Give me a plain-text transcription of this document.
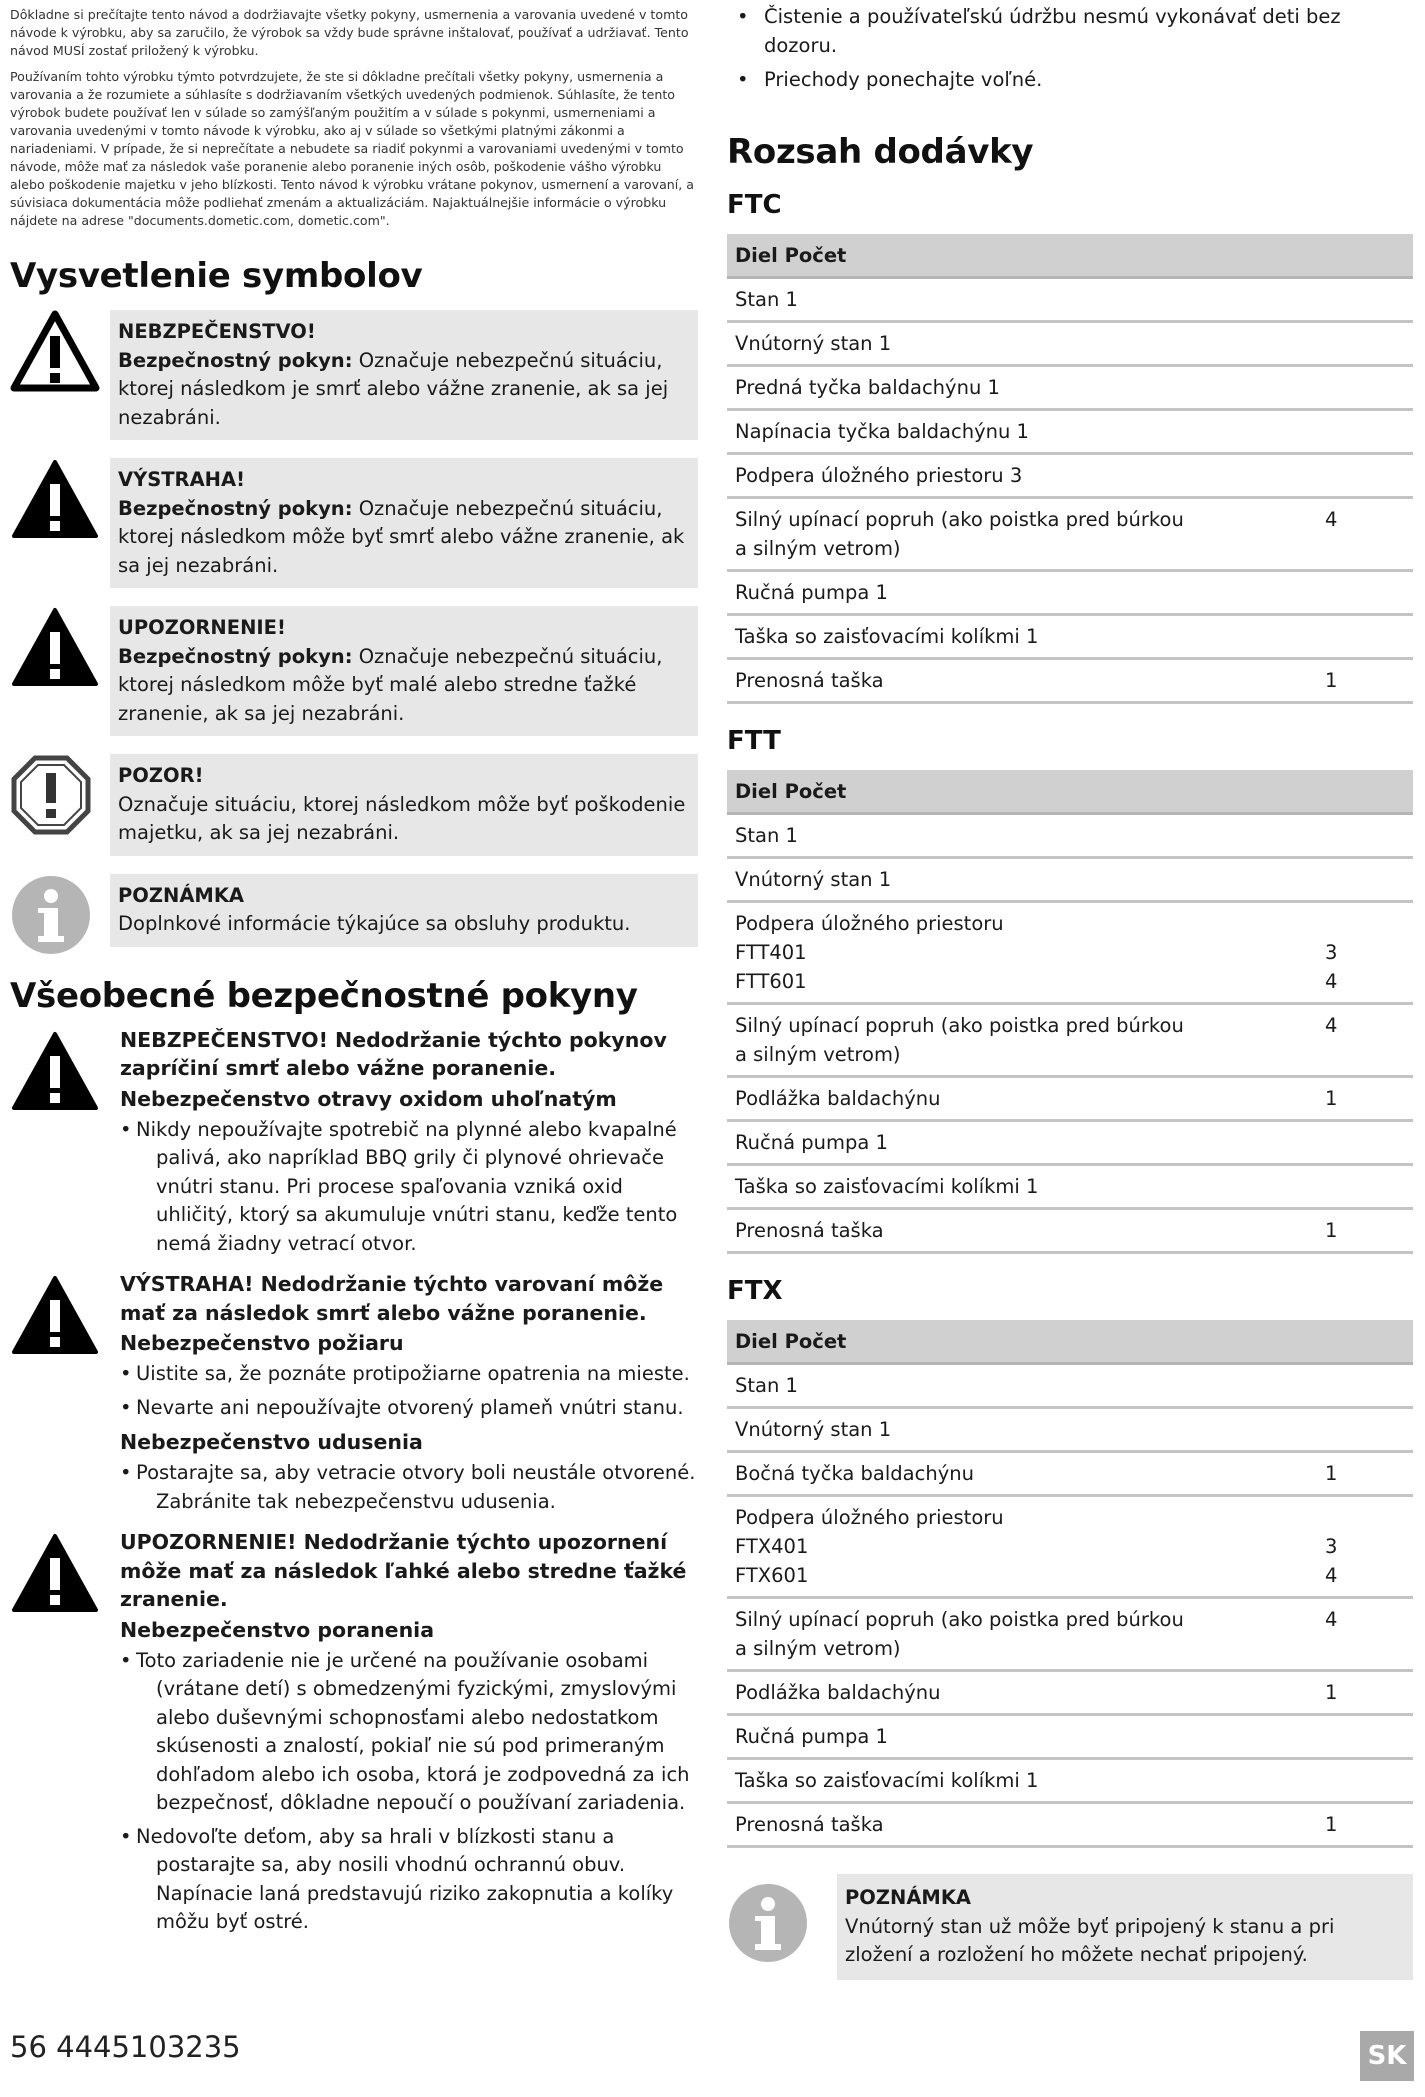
Dôkladne si prečítajte tento návod a dodržiavajte všetky pokyny, usmernenia a varovania uvedené v tomto návode k výrobku, aby sa zaručilo, že výrobok sa vždy bude správne inštalovať, používať a udržiavať. Tento návod MUSÍ zostať priložený k výrobku.

Používaním tohto výrobku týmto potvrdzujete, že ste si dôkladne prečítali všetky pokyny, usmernenia a varovania a že rozumiete a súhlasíte s dodržiavaním všetkých uvedených podmienok. Súhlasíte, že tento výrobok budete používať len v súlade so zamýšľaným použitím a v súlade s pokynmi, usmerneniami a varovania uvedenými v tomto návode k výrobku, ako aj v súlade so všetkými platnými zákonmi a nariadeniami. V prípade, že si neprečítate a nebudete sa riadiť pokynmi a varovaniami uvedenými v tomto návode, môže mať za následok vaše poranenie alebo poranenie iných osôb, poškodenie vášho výrobku alebo poškodenie majetku v jeho blízkosti. Tento návod k výrobku vrátane pokynov, usmernení a varovaní, a súvisiaca dokumentácia môže podliehať zmenám a aktualizáciám. Najaktuálnejšie informácie o výrobku nájdete na adrese "documents.dometic.com, dometic.com".

Vysvetlenie symbolov
NEBZPEČENSTVO!
Bezpečnostný pokyn: Označuje nebezpečnú situáciu, ktorej následkom je smrť alebo vážne zranenie, ak sa jej nezabráni.
VÝSTRAHA!
Bezpečnostný pokyn: Označuje nebezpečnú situáciu, ktorej následkom môže byť smrť alebo vážne zranenie, ak sa jej nezabráni.
UPOZORNENIE!
Bezpečnostný pokyn: Označuje nebezpečnú situáciu, ktorej následkom môže byť malé alebo stredne ťažké zranenie, ak sa jej nezabráni.
POZOR!
Označuje situáciu, ktorej následkom môže byť poškodenie majetku, ak sa jej nezabráni.
POZNÁMKA
Doplnkové informácie týkajúce sa obsluhy produktu.
Všeobecné bezpečnostné pokyny
NEBZPEČENSTVO! Nedodržanie týchto pokynov zapríčiní smrť alebo vážne poranenie.
Nebezpečenstvo otravy oxidom uhoľnatým
• Nikdy nepoužívajte spotrebič na plynné alebo kvapalné palivá, ako napríklad BBQ grily či plynové ohrievače vnútri stanu. Pri procese spaľovania vzniká oxid uhličitý, ktorý sa akumuluje vnútri stanu, keďže tento nemá žiadny vetrací otvor.
VÝSTRAHA! Nedodržanie týchto varovaní môže mať za následok smrť alebo vážne poranenie.
Nebezpečenstvo požiaru
• Uistite sa, že poznáte protipožiarne opatrenia na mieste.
• Nevarte ani nepoužívajte otvorený plameň vnútri stanu.
Nebezpečenstvo udusenia
• Postarajte sa, aby vetracie otvory boli neustále otvorené. Zabránite tak nebezpečenstvu udusenia.
UPOZORNENIE! Nedodržanie týchto upozornení môže mať za následok ľahké alebo stredne ťažké zranenie.
Nebezpečenstvo poranenia
• Toto zariadenie nie je určené na používanie osobami (vrátane detí) s obmedzenými fyzickými, zmyslovými alebo duševnými schopnosťami alebo nedostatkom skúsenosti a znalostí, pokiaľ nie sú pod primeraným dohľadom alebo ich osoba, ktorá je zodpovedná za ich bezpečnosť, dôkladne nepoučí o používaní zariadenia.
• Nedovoľte deťom, aby sa hrali v blízkosti stanu a postarajte sa, aby nosili vhodnú ochrannú obuv. Napínacie laná predstavujú riziko zakopnutia a kolíky môžu byť ostré.
• Čistenie a používateľskú údržbu nesmú vykonávať deti bez dozoru.
• Priechody ponechajte voľné.
Rozsah dodávky
FTC
Diel Počet	
Stan 1	
Vnútorný stan 1	
Predná tyčka baldachýnu 1	
Napínacia tyčka baldachýnu 1	
Podpera úložného priestoru 3	
Silný upínací popruh (ako poistka pred búrkou a silným vetrom)	4
Ručná pumpa 1	
Taška so zaisťovacími kolíkmi 1	
Prenosná taška	1
FTT
Diel Počet	
Stan 1	
Vnútorný stan 1	
Podpera úložného priestoru	
FTT401	3
FTT601	4
Silný upínací popruh (ako poistka pred búrkou a silným vetrom)	4
Podlážka baldachýnu	1
Ručná pumpa 1	
Taška so zaisťovacími kolíkmi 1	
Prenosná taška	1
FTX
Diel Počet	
Stan 1	
Vnútorný stan 1	
Bočná tyčka baldachýnu	1
Podpera úložného priestoru	
FTX401	3
FTX601	4
Silný upínací popruh (ako poistka pred búrkou a silným vetrom)	4
Podlážka baldachýnu	1
Ručná pumpa 1	
Taška so zaisťovacími kolíkmi 1	
Prenosná taška	1
POZNÁMKA
Vnútorný stan už môže byť pripojený k stanu a pri zložení a rozložení ho môžete nechať pripojený.
56 4445103235	SK
